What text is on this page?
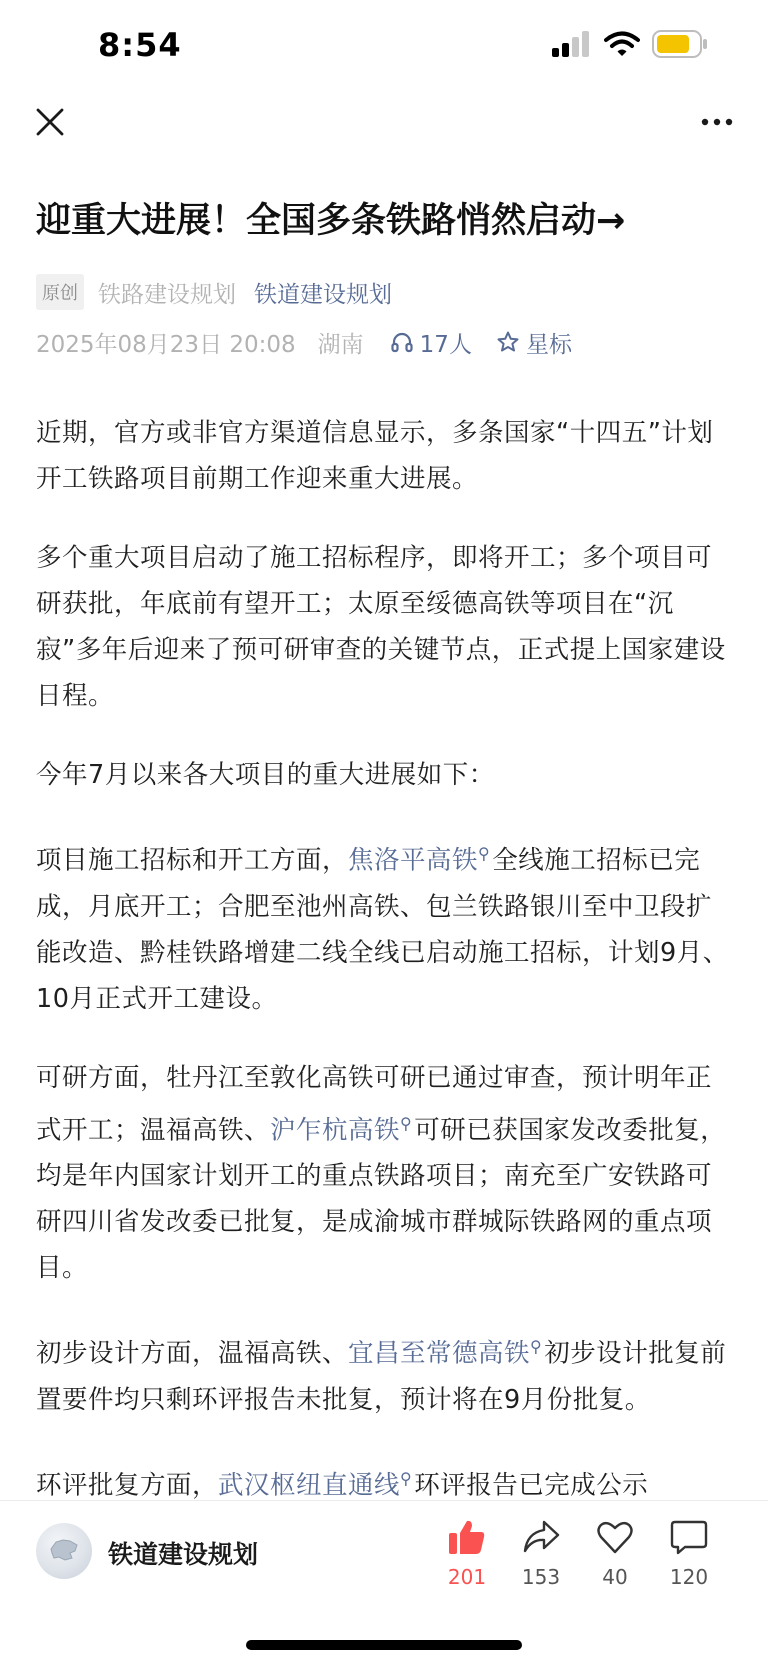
8:54
迎重大进展！全国多条铁路悄然启动→
原创 铁路建设规划 铁道建设规划
2025年08月23日 20:08 湖南 17人 星标

近期，官方或非官方渠道信息显示，多条国家“十四五”计划开工铁路项目前期工作迎来重大进展。

多个重大项目启动了施工招标程序，即将开工；多个项目可研获批，年底前有望开工；太原至绥德高铁等项目在“沉寂”多年后迎来了预可研审查的关键节点，正式提上国家建设日程。

今年7月以来各大项目的重大进展如下：

项目施工招标和开工方面，焦洛平高铁⚲全线施工招标已完成，月底开工；合肥至池州高铁、包兰铁路银川至中卫段扩能改造、黔桂铁路增建二线全线已启动施工招标，计划9月、10月正式开工建设。

可研方面，牡丹江至敦化高铁可研已通过审查，预计明年正式开工；温福高铁、沪乍杭高铁⚲可研已获国家发改委批复，均是年内国家计划开工的重点铁路项目；南充至广安铁路可研四川省发改委已批复，是成渝城市群城际铁路网的重点项目。

初步设计方面，温福高铁、宜昌至常德高铁⚲初步设计批复前置要件均只剩环评报告未批复，预计将在9月份批复。

环评批复方面，武汉枢纽直通线⚲环评报告已完成公示

铁道建设规划
201	153	40	120
